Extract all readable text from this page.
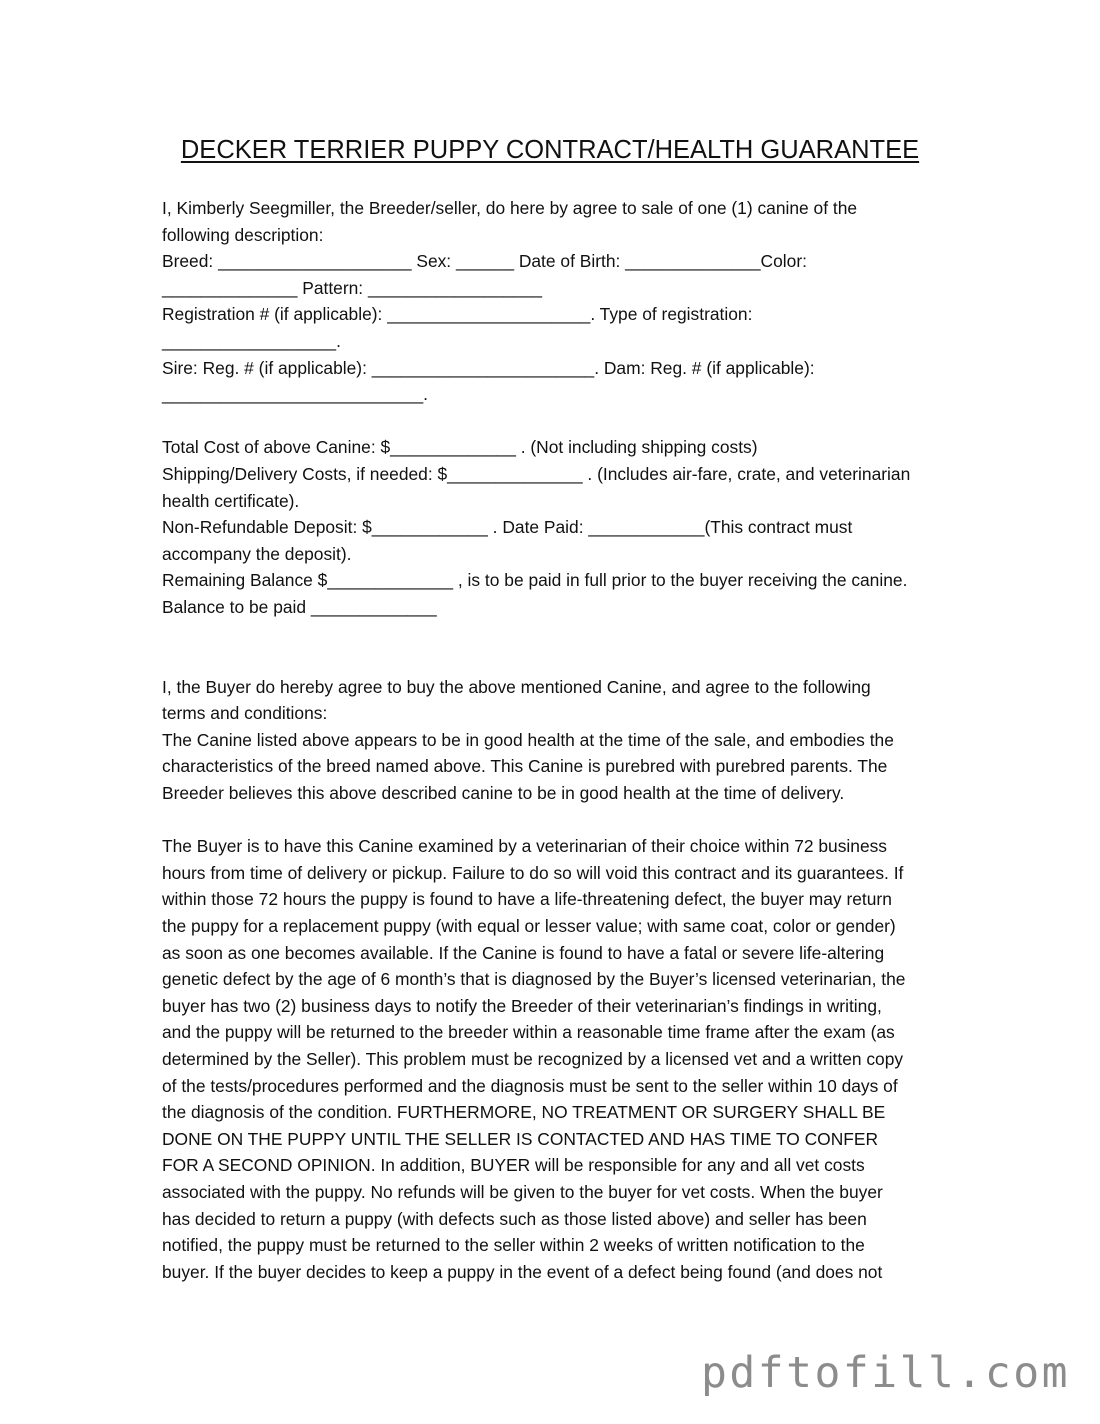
DECKER TERRIER PUPPY CONTRACT/HEALTH GUARANTEE
I, Kimberly Seegmiller, the Breeder/seller, do here by agree to sale of one (1) canine of the
following description:
Breed: ____________________ Sex: ______ Date of Birth: ______________Color:
______________ Pattern: __________________
Registration # (if applicable): _____________________. Type of registration:
__________________.
Sire: Reg. # (if applicable): _______________________. Dam: Reg. # (if applicable):
___________________________.
Total Cost of above Canine: $_____________ . (Not including shipping costs)
Shipping/Delivery Costs, if needed: $______________ . (Includes air-fare, crate, and veterinarian
health certificate).
Non-Refundable Deposit: $____________ . Date Paid: ____________(This contract must
accompany the deposit).
Remaining Balance $_____________ , is to be paid in full prior to the buyer receiving the canine.
Balance to be paid _____________
I, the Buyer do hereby agree to buy the above mentioned Canine, and agree to the following
terms and conditions:
The Canine listed above appears to be in good health at the time of the sale, and embodies the
characteristics of the breed named above. This Canine is purebred with purebred parents. The
Breeder believes this above described canine to be in good health at the time of delivery.
The Buyer is to have this Canine examined by a veterinarian of their choice within 72 business
hours from time of delivery or pickup. Failure to do so will void this contract and its guarantees. If
within those 72 hours the puppy is found to have a life-threatening defect, the buyer may return
the puppy for a replacement puppy (with equal or lesser value; with same coat, color or gender)
as soon as one becomes available. If the Canine is found to have a fatal or severe life-altering
genetic defect by the age of 6 month’s that is diagnosed by the Buyer’s licensed veterinarian, the
buyer has two (2) business days to notify the Breeder of their veterinarian’s findings in writing,
and the puppy will be returned to the breeder within a reasonable time frame after the exam (as
determined by the Seller). This problem must be recognized by a licensed vet and a written copy
of the tests/procedures performed and the diagnosis must be sent to the seller within 10 days of
the diagnosis of the condition. FURTHERMORE, NO TREATMENT OR SURGERY SHALL BE
DONE ON THE PUPPY UNTIL THE SELLER IS CONTACTED AND HAS TIME TO CONFER
FOR A SECOND OPINION. In addition, BUYER will be responsible for any and all vet costs
associated with the puppy. No refunds will be given to the buyer for vet costs. When the buyer
has decided to return a puppy (with defects such as those listed above) and seller has been
notified, the puppy must be returned to the seller within 2 weeks of written notification to the
buyer. If the buyer decides to keep a puppy in the event of a defect being found (and does not
pdftofill.com
